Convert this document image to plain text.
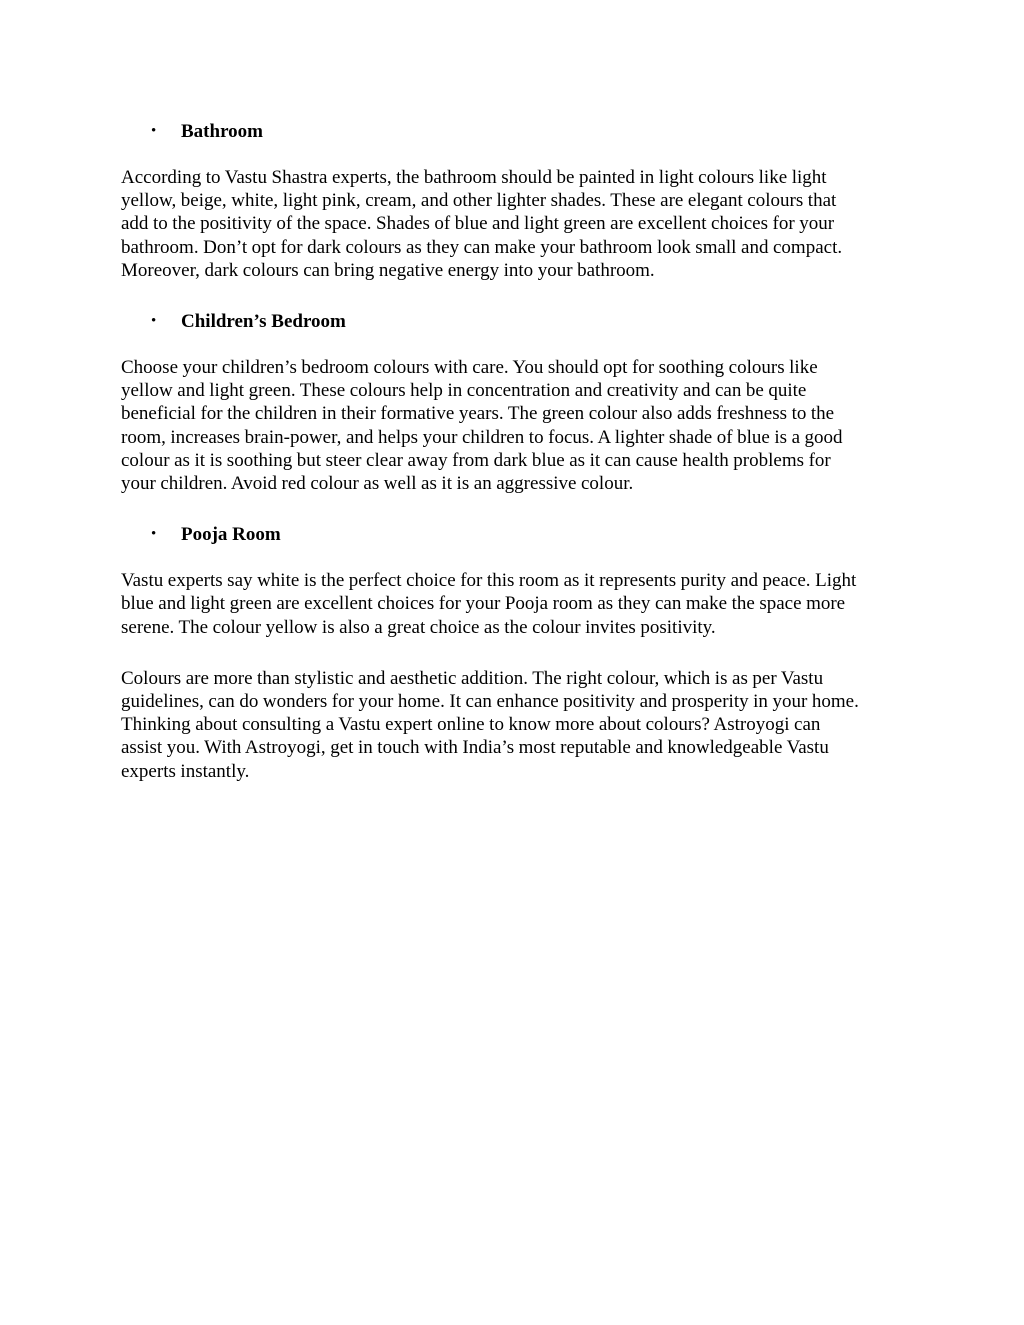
• Bathroom

According to Vastu Shastra experts, the bathroom should be painted in light colours like light
yellow, beige, white, light pink, cream, and other lighter shades. These are elegant colours that
add to the positivity of the space. Shades of blue and light green are excellent choices for your
bathroom. Don’t opt for dark colours as they can make your bathroom look small and compact.
Moreover, dark colours can bring negative energy into your bathroom.

• Children’s Bedroom

Choose your children’s bedroom colours with care. You should opt for soothing colours like
yellow and light green. These colours help in concentration and creativity and can be quite
beneficial for the children in their formative years. The green colour also adds freshness to the
room, increases brain-power, and helps your children to focus. A lighter shade of blue is a good
colour as it is soothing but steer clear away from dark blue as it can cause health problems for
your children. Avoid red colour as well as it is an aggressive colour.

• Pooja Room

Vastu experts say white is the perfect choice for this room as it represents purity and peace. Light
blue and light green are excellent choices for your Pooja room as they can make the space more
serene. The colour yellow is also a great choice as the colour invites positivity.

Colours are more than stylistic and aesthetic addition. The right colour, which is as per Vastu
guidelines, can do wonders for your home. It can enhance positivity and prosperity in your home.
Thinking about consulting a Vastu expert online to know more about colours? Astroyogi can
assist you. With Astroyogi, get in touch with India’s most reputable and knowledgeable Vastu
experts instantly.
